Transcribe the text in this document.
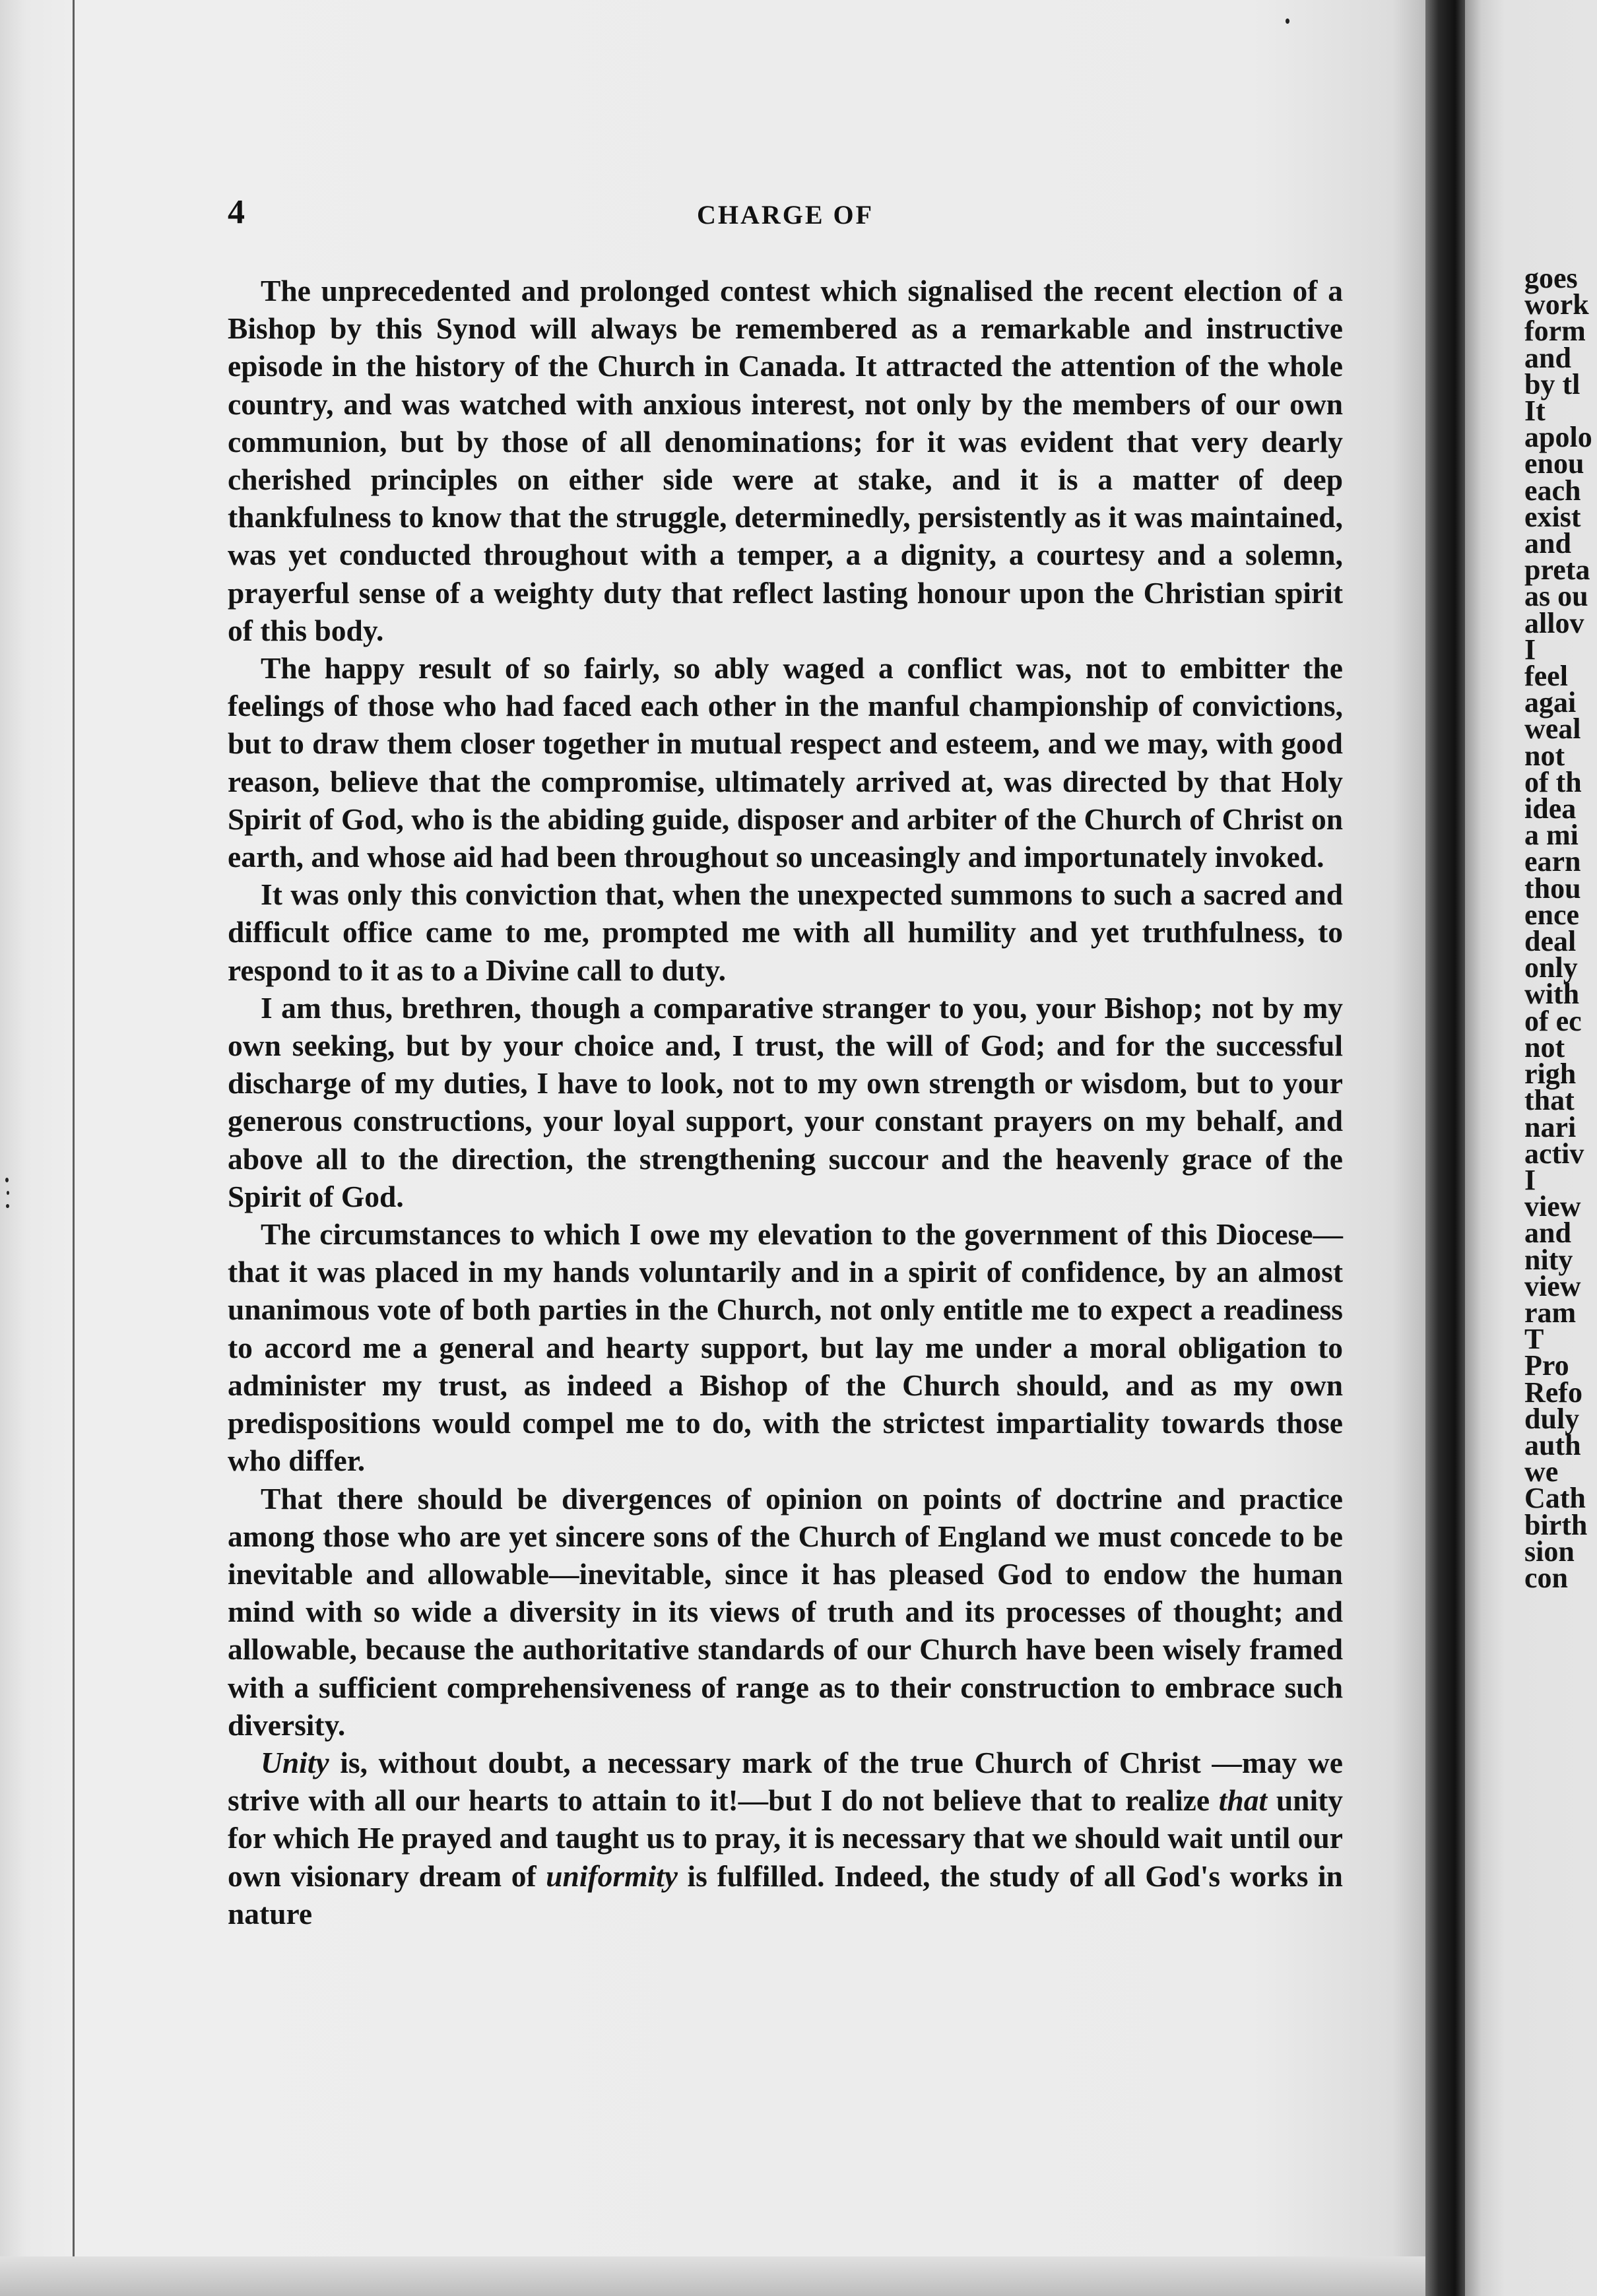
4	CHARGE OF

The unprecedented and prolonged contest which signalised the recent election of a Bishop by this Synod will always be remembered as a remarkable and instructive episode in the history of the Church in Canada. It attracted the attention of the whole country, and was watched with anxious interest, not only by the members of our own communion, but by those of all denominations; for it was evident that very dearly cherished principles on either side were at stake, and it is a matter of deep thankfulness to know that the struggle, determinedly, persistently as it was maintained, was yet conducted throughout with a temper, a a dignity, a courtesy and a solemn, prayerful sense of a weighty duty that reflect lasting honour upon the Christian spirit of this body.

The happy result of so fairly, so ably waged a conflict was, not to embitter the feelings of those who had faced each other in the manful championship of convictions, but to draw them closer together in mutual respect and esteem, and we may, with good reason, believe that the compromise, ultimately arrived at, was directed by that Holy Spirit of God, who is the abiding guide, disposer and arbiter of the Church of Christ on earth, and whose aid had been throughout so unceasingly and importunately invoked.

It was only this conviction that, when the unexpected summons to such a sacred and difficult office came to me, prompted me with all humility and yet truthfulness, to respond to it as to a Divine call to duty.

I am thus, brethren, though a comparative stranger to you, your Bishop; not by my own seeking, but by your choice and, I trust, the will of God; and for the successful discharge of my duties, I have to look, not to my own strength or wisdom, but to your generous constructions, your loyal support, your constant prayers on my behalf, and above all to the direction, the strengthening succour and the heavenly grace of the Spirit of God.

The circumstances to which I owe my elevation to the government of this Diocese—that it was placed in my hands voluntarily and in a spirit of confidence, by an almost unanimous vote of both parties in the Church, not only entitle me to expect a readiness to accord me a general and hearty support, but lay me under a moral obligation to administer my trust, as indeed a Bishop of the Church should, and as my own predispositions would compel me to do, with the strictest impartiality towards those who differ.

That there should be divergences of opinion on points of doctrine and practice among those who are yet sincere sons of the Church of England we must concede to be inevitable and allowable—inevitable, since it has pleased God to endow the human mind with so wide a diversity in its views of truth and its processes of thought; and allowable, because the authoritative standards of our Church have been wisely framed with a sufficient comprehensiveness of range as to their construction to embrace such diversity.

Unity is, without doubt, a necessary mark of the true Church of Christ —may we strive with all our hearts to attain to it!—but I do not believe that to realize that unity for which He prayed and taught us to pray, it is necessary that we should wait until our own visionary dream of uniformity is fulfilled. Indeed, the study of all God's works in nature

goes
work
form
and
by tl
It
apolo
enou
each
exist
and
preta
as ou
allov
I
feel
agai
weal
not
of th
idea
a mi
earn
thou
ence
deal
only
with
of ec
not
righ
that
nari
activ
I
view
and
nity
view
ram
T
Pro
Refo
duly
auth
we
Cath
birth
sion
con
